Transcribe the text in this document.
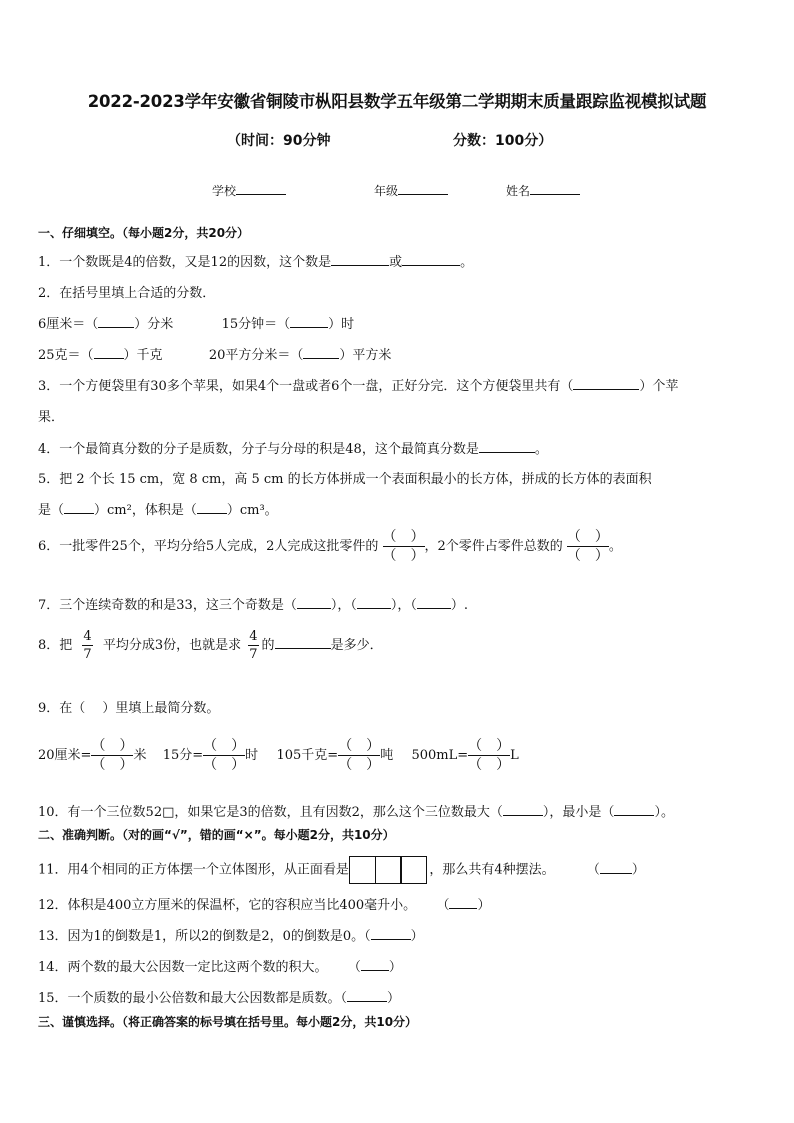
2022-2023学年安徽省铜陵市枞阳县数学五年级第二学期期末质量跟踪监视模拟试题
（时间：90分钟	分数：100分）
学校	年级	姓名
一、仔细填空。（每小题2分，共20分）
1．一个数既是4的倍数，又是12的因数，这个数是	或	。
2．在括号里填上合适的分数．
6厘米＝（	）分米	15分钟＝（	）时
25克＝（ ）千克	20平方分米＝（	）平方米
3．一个方便袋里有30多个苹果，如果4个一盘或者6个一盘，正好分完．这个方便袋里共有（	）个苹
果．
4．一个最简真分数的分子是质数，分子与分母的积是48，这个最简真分数是	。
5．把 2 个长 15 cm，宽 8 cm，高 5 cm 的长方体拼成一个表面积最小的长方体，拼成的长方体的表面积
是（ ）cm²，体积是（ ）cm³。
6．一批零件25个，平均分给5人完成，2人完成这批零件的
（　）
（　）
，2个零件占零件总数的
（　）
（　）
。
7．三个连续奇数的和是33，这三个奇数是（	），（	），（	）.
8．把 $\frac{4}{7}$ 平均分成3份，也就是求 $\frac{4}{7}$ 的	是多少．
9．在（　 ）里填上最简分数。
20厘米=
（　）
（　）
米 15分=
（　）
（　）
时 105千克=
（　）
（　）
吨 500mL=
（　）
（　）
L
10．有一个三位数52□，如果它是3的倍数，且有因数2，那么这个三位数最大（	），最小是（	）。
二、准确判断。（对的画“√”，错的画“×”。每小题2分，共10分）
11．用4个相同的正方体摆一个立体图形，从正面看是	，那么共有4种摆法。 （ ）
12．体积是400立方厘米的保温杯，它的容积应当比400毫升小。 （ ）
13．因为1的倒数是1，所以2的倒数是2，0的倒数是0。（	）
14．两个数的最大公因数一定比这两个数的积大。 （ ）
15．一个质数的最小公倍数和最大公因数都是质数。（	）
三、谨慎选择。（将正确答案的标号填在括号里。每小题2分，共10分）
